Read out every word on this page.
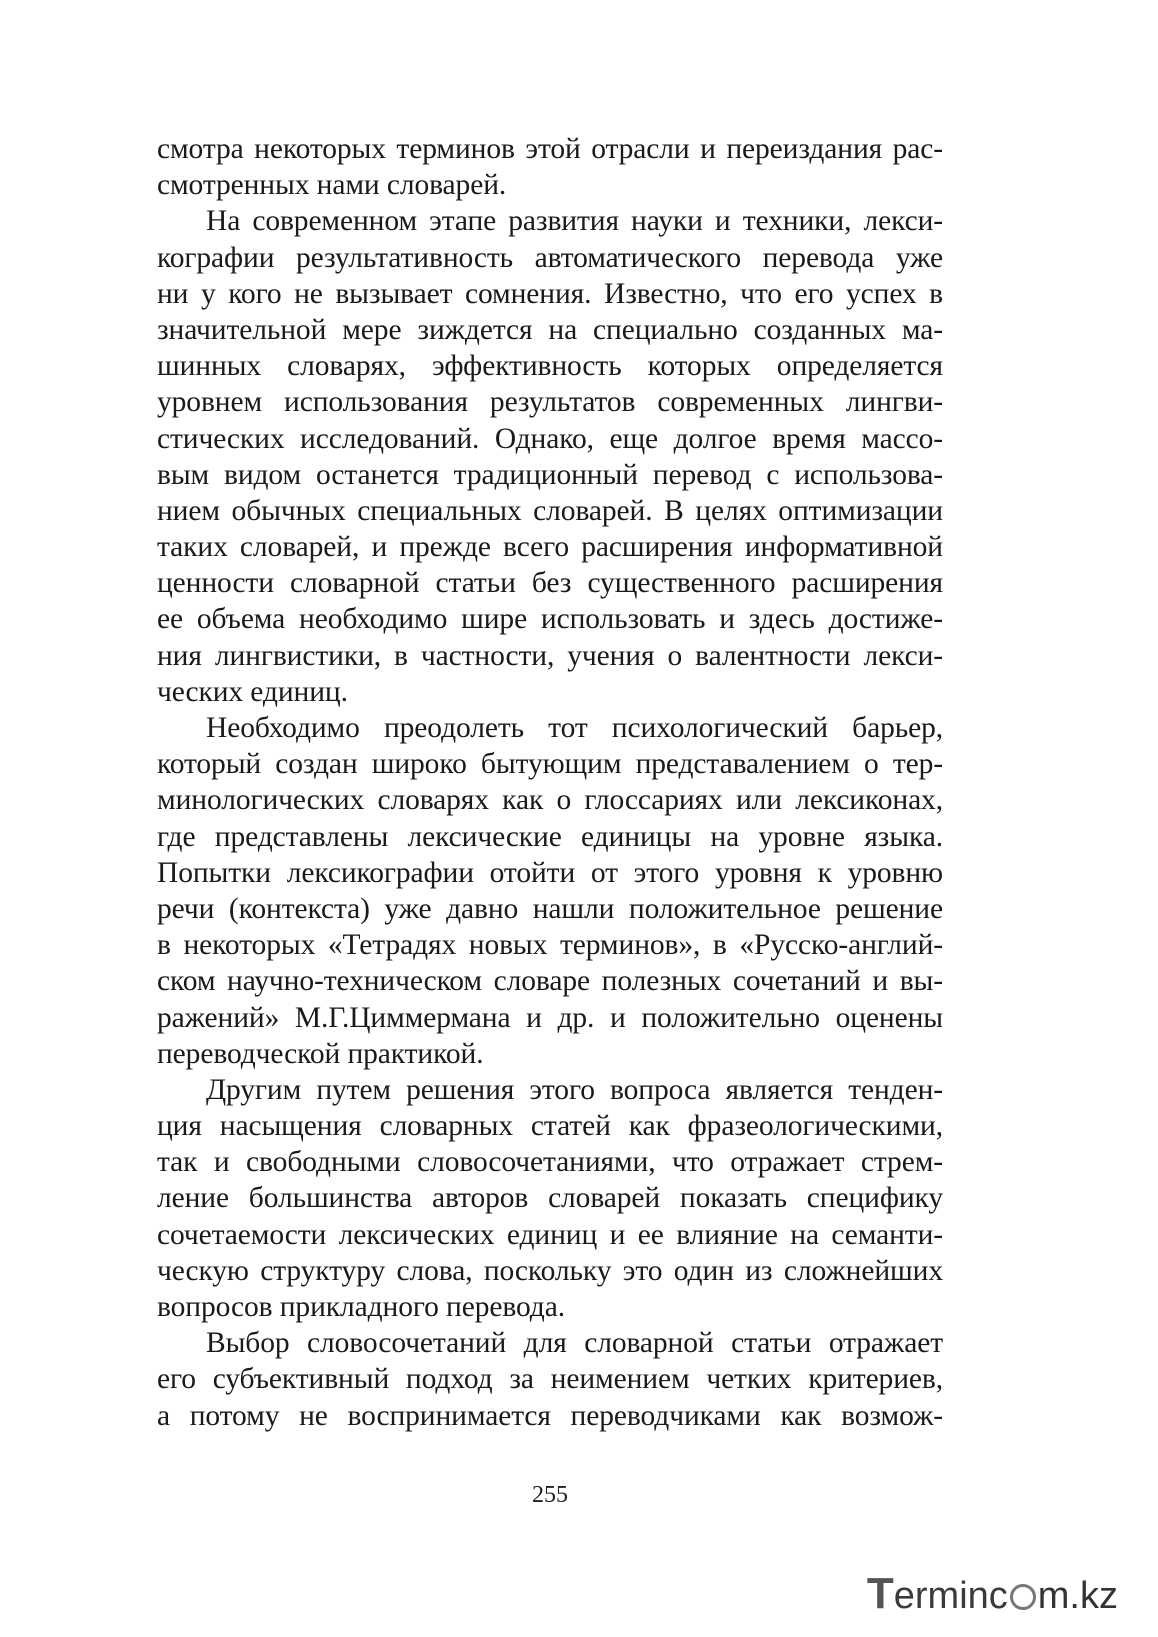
смотра некоторых терминов этой отрасли и переиздания рас-
смотренных нами словарей.
На современном этапе развития науки и техники, лекси-
кографии результативность автоматического перевода уже
ни у кого не вызывает сомнения. Известно, что его успех в
значительной мере зиждется на специально созданных ма-
шинных словарях, эффективность которых определяется
уровнем использования результатов современных лингви-
стических исследований. Однако, еще долгое время массо-
вым видом останется традиционный перевод с использова-
нием обычных специальных словарей. В целях оптимизации
таких словарей, и прежде всего расширения информативной
ценности словарной статьи без существенного расширения
ее объема необходимо шире использовать и здесь достиже-
ния лингвистики, в частности, учения о валентности лекси-
ческих единиц.
Необходимо преодолеть тот психологический барьер,
который создан широко бытующим представалением о тер-
минологических словарях как о глоссариях или лексиконах,
где представлены лексические единицы на уровне языка.
Попытки лексикографии отойти от этого уровня к уровню
речи (контекста) уже давно нашли положительное решение
в некоторых «Тетрадях новых терминов», в «Русско-англий-
ском научно-техническом словаре полезных сочетаний и вы-
ражений» М.Г.Циммермана и др. и положительно оценены
переводческой практикой.
Другим путем решения этого вопроса является тенден-
ция насыщения словарных статей как фразеологическими,
так и свободными словосочетаниями, что отражает стрем-
ление большинства авторов словарей показать специфику
сочетаемости лексических единиц и ее влияние на семанти-
ческую структуру слова, поскольку это один из сложнейших
вопросов прикладного перевода.
Выбор словосочетаний для словарной статьи отражает
его субъективный подход за неимением четких критериев,
а потому не воспринимается переводчиками как возмож-
255
T erminc m.kz
